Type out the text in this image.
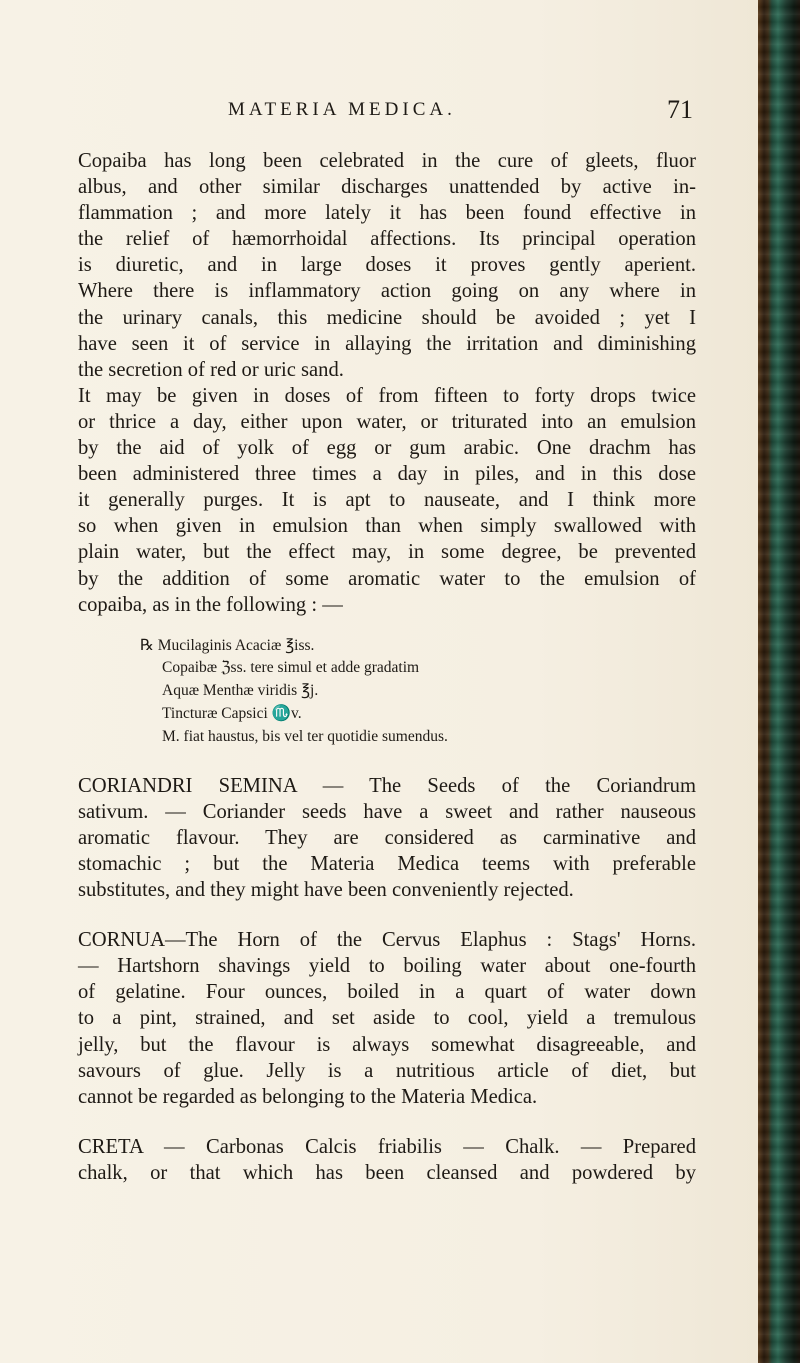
MATERIA MEDICA.	71
Copaiba has long been celebrated in the cure of gleets, fluor
albus, and other similar discharges unattended by active in-
flammation ; and more lately it has been found effective in
the relief of hæmorrhoidal affections. Its principal operation
is diuretic, and in large doses it proves gently aperient.
Where there is inflammatory action going on any where in
the urinary canals, this medicine should be avoided ; yet I
have seen it of service in allaying the irritation and diminishing
the secretion of red or uric sand.
It may be given in doses of from fifteen to forty drops twice
or thrice a day, either upon water, or triturated into an emulsion
by the aid of yolk of egg or gum arabic. One drachm has
been administered three times a day in piles, and in this dose
it generally purges. It is apt to nauseate, and I think more
so when given in emulsion than when simply swallowed with
plain water, but the effect may, in some degree, be prevented
by the addition of some aromatic water to the emulsion of
copaiba, as in the following : —
℞ Mucilaginis Acaciæ ℥iss.
Copaibæ ℨss. tere simul et adde gradatim
Aquæ Menthæ viridis ℥j.
Tincturæ Capsici ♏v.
M. fiat haustus, bis vel ter quotidie sumendus.
CORIANDRI SEMINA — The Seeds of the Coriandrum
sativum. — Coriander seeds have a sweet and rather nauseous
aromatic flavour. They are considered as carminative and
stomachic ; but the Materia Medica teems with preferable
substitutes, and they might have been conveniently rejected.
CORNUA—The Horn of the Cervus Elaphus : Stags' Horns.
— Hartshorn shavings yield to boiling water about one-fourth
of gelatine. Four ounces, boiled in a quart of water down
to a pint, strained, and set aside to cool, yield a tremulous
jelly, but the flavour is always somewhat disagreeable, and
savours of glue. Jelly is a nutritious article of diet, but
cannot be regarded as belonging to the Materia Medica.
CRETA — Carbonas Calcis friabilis — Chalk. — Prepared
chalk, or that which has been cleansed and powdered by
